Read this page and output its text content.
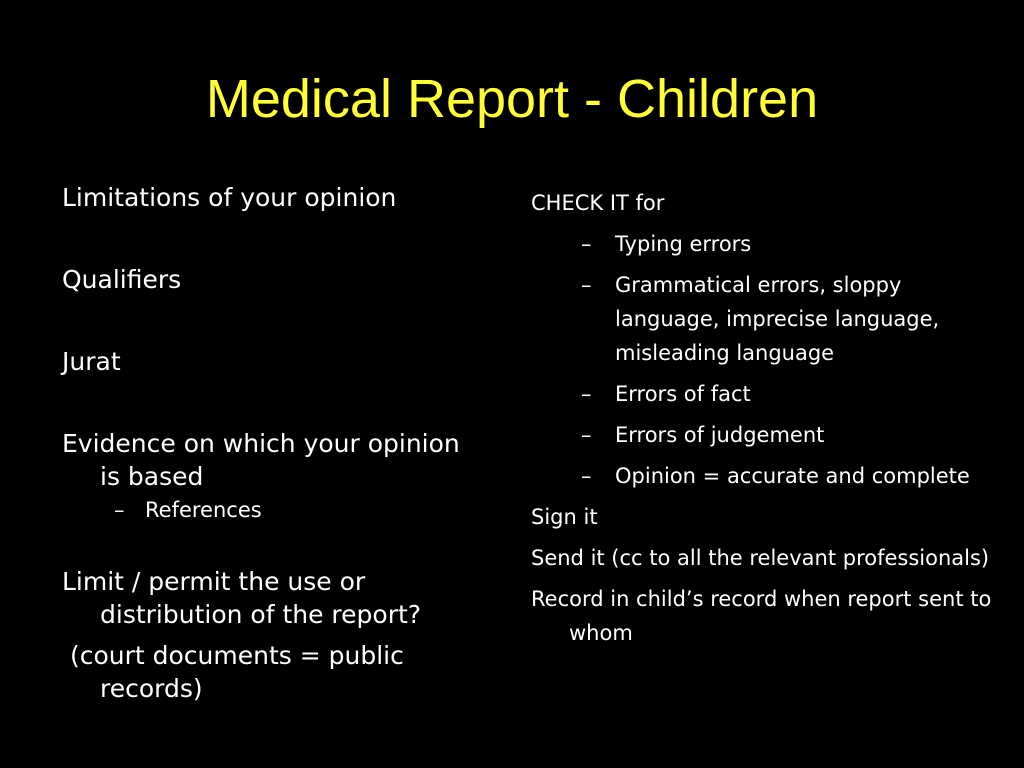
Medical Report - Children

Limitations of your opinion

Qualifiers

Jurat

Evidence on which your opinion is based

– References

Limit / permit the use or distribution of the report?

(court documents = public records)

CHECK IT for

– Typing errors

– Grammatical errors, sloppy language, imprecise language, misleading language

– Errors of fact

– Errors of judgement

– Opinion = accurate and complete

Sign it

Send it (cc to all the relevant professionals)

Record in child’s record when report sent to whom
